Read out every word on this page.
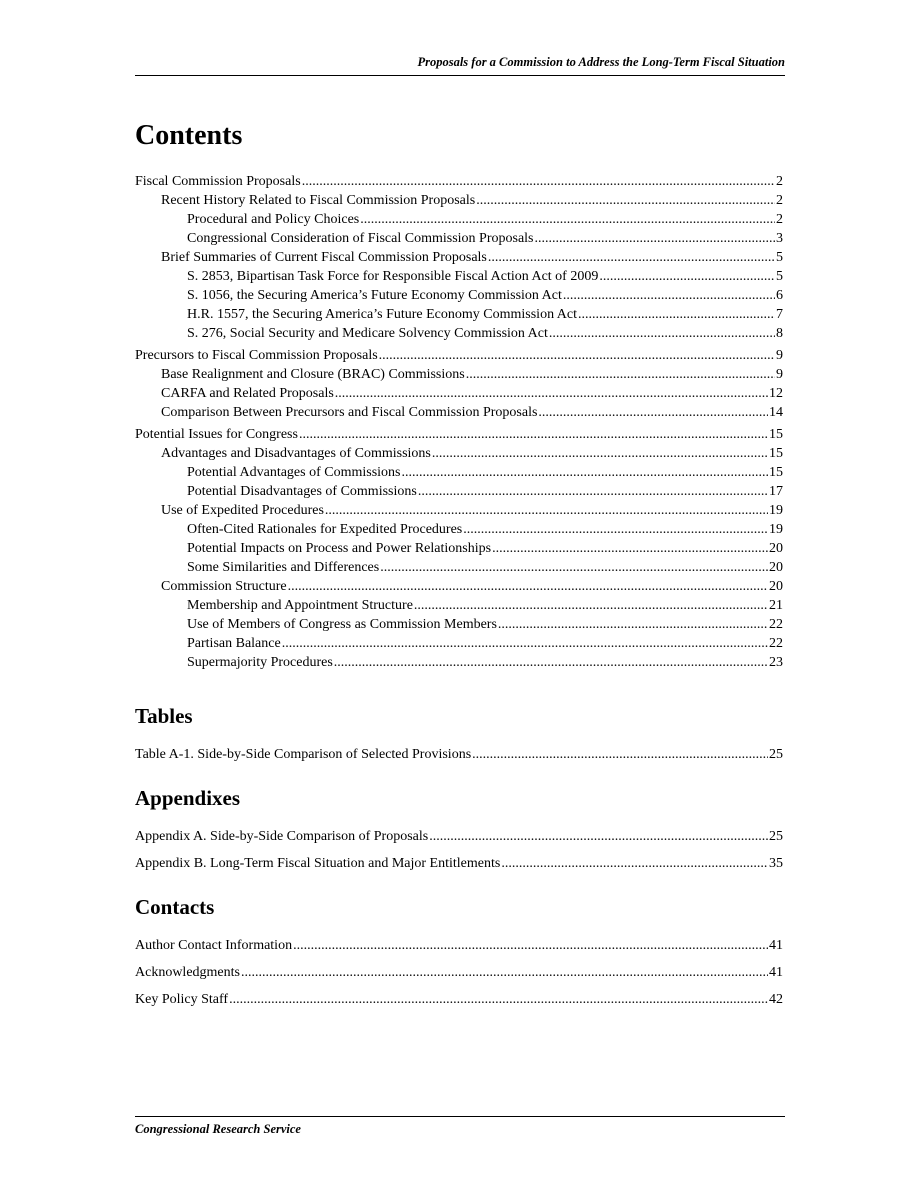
Proposals for a Commission to Address the Long-Term Fiscal Situation
Contents
Fiscal Commission Proposals .....	2
Recent History Related to Fiscal Commission Proposals .....	2
Procedural and Policy Choices .....	2
Congressional Consideration of Fiscal Commission Proposals .....	3
Brief Summaries of Current Fiscal Commission Proposals .....	5
S. 2853, Bipartisan Task Force for Responsible Fiscal Action Act of 2009 .....	5
S. 1056, the Securing America’s Future Economy Commission Act .....	6
H.R. 1557, the Securing America’s Future Economy Commission Act .....	7
S. 276, Social Security and Medicare Solvency Commission Act .....	8
Precursors to Fiscal Commission Proposals .....	9
Base Realignment and Closure (BRAC) Commissions .....	9
CARFA and Related Proposals .....	12
Comparison Between Precursors and Fiscal Commission Proposals .....	14
Potential Issues for Congress .....	15
Advantages and Disadvantages of Commissions .....	15
Potential Advantages of Commissions .....	15
Potential Disadvantages of Commissions .....	17
Use of Expedited Procedures .....	19
Often-Cited Rationales for Expedited Procedures .....	19
Potential Impacts on Process and Power Relationships .....	20
Some Similarities and Differences .....	20
Commission Structure .....	20
Membership and Appointment Structure .....	21
Use of Members of Congress as Commission Members .....	22
Partisan Balance .....	22
Supermajority Procedures .....	23
Tables
Table A-1. Side-by-Side Comparison of Selected Provisions .....	25
Appendixes
Appendix A. Side-by-Side Comparison of Proposals .....	25
Appendix B. Long-Term Fiscal Situation and Major Entitlements .....	35
Contacts
Author Contact Information .....	41
Acknowledgments .....	41
Key Policy Staff .....	42
Congressional Research Service
